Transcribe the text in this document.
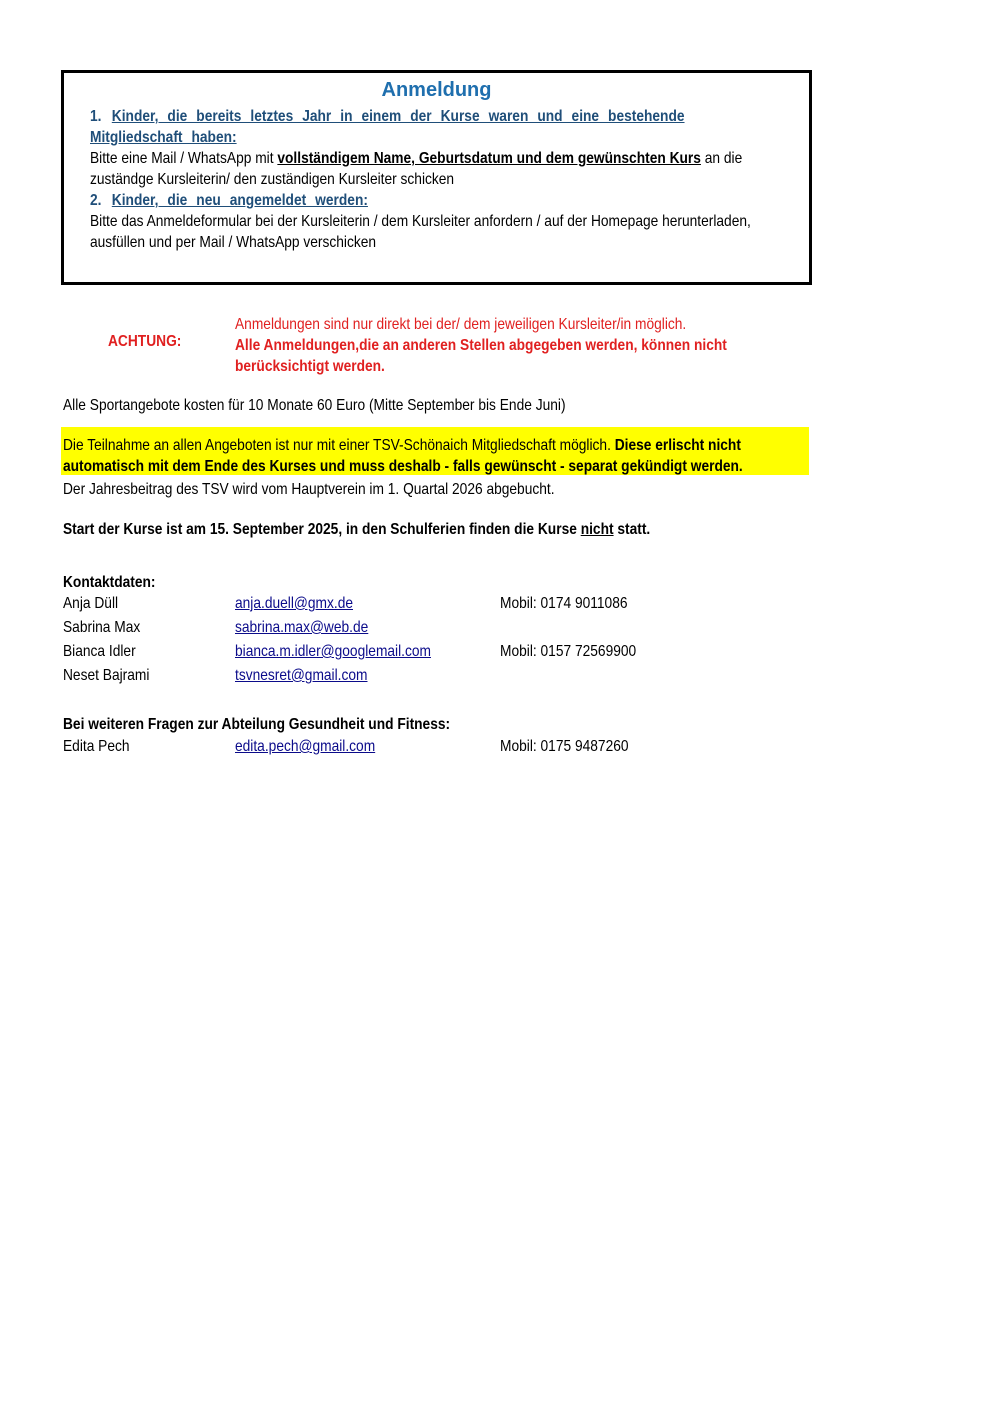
Anmeldung
1. Kinder, die bereits letztes Jahr in einem der Kurse waren und eine bestehende
Mitgliedschaft haben:
Bitte eine Mail / WhatsApp mit vollständigem Name, Geburtsdatum und dem gewünschten Kurs an die
zuständge Kursleiterin/ den zuständigen Kursleiter schicken
2. Kinder, die neu angemeldet werden:
Bitte das Anmeldeformular bei der Kursleiterin / dem Kursleiter anfordern / auf der Homepage herunterladen,
ausfüllen und per Mail / WhatsApp verschicken
ACHTUNG:
Anmeldungen sind nur direkt bei der/ dem jeweiligen Kursleiter/in möglich.
Alle Anmeldungen,die an anderen Stellen abgegeben werden, können nicht
berücksichtigt werden.
Alle Sportangebote kosten für 10 Monate 60 Euro (Mitte September bis Ende Juni)
Die Teilnahme an allen Angeboten ist nur mit einer TSV-Schönaich Mitgliedschaft möglich. Diese erlischt nicht
automatisch mit dem Ende des Kurses und muss deshalb - falls gewünscht - separat gekündigt werden.
Der Jahresbeitrag des TSV wird vom Hauptverein im 1. Quartal 2026 abgebucht.
Start der Kurse ist am 15. September 2025, in den Schulferien finden die Kurse nicht statt.
Kontaktdaten:
Anja Düll	anja.duell@gmx.de	Mobil: 0174 9011086
Sabrina Max	sabrina.max@web.de
Bianca Idler	bianca.m.idler@googlemail.com	Mobil: 0157 72569900
Neset Bajrami	tsvnesret@gmail.com
Bei weiteren Fragen zur Abteilung Gesundheit und Fitness:
Edita Pech	edita.pech@gmail.com	Mobil: 0175 9487260
